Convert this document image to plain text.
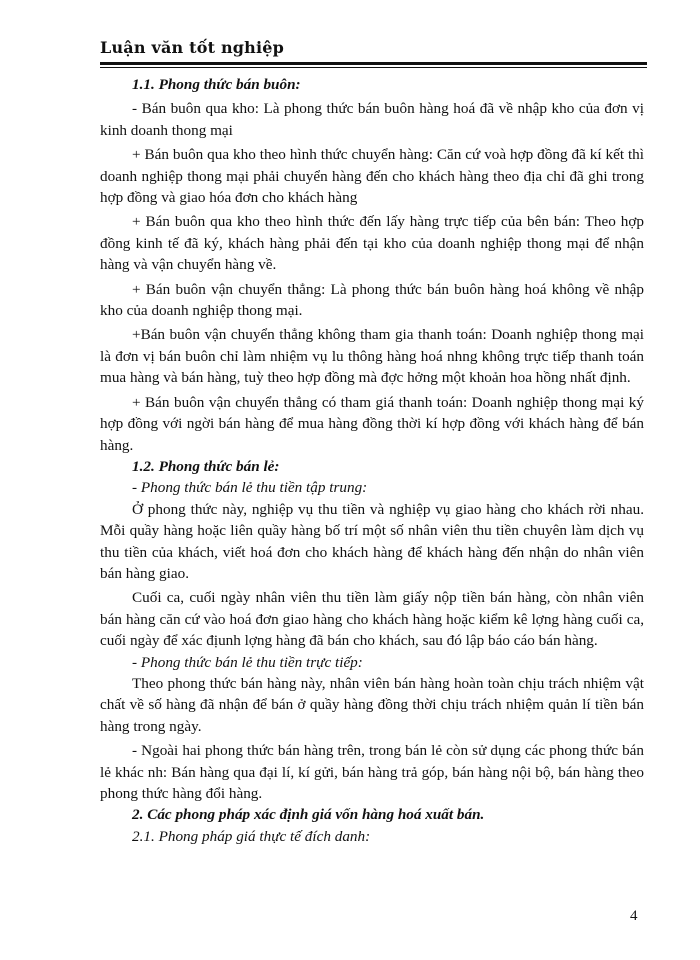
Luận văn tốt nghiệp

1.1. Phong thức bán buôn:

- Bán buôn qua kho: Là phong thức bán buôn hàng hoá đã về nhập kho của đơn vị kinh doanh thong mại

+ Bán buôn qua kho theo hình thức chuyển hàng: Căn cứ voà hợp đồng đã kí kết thì doanh nghiệp thong mại phải chuyển hàng đến cho khách hàng theo địa chỉ đã ghi trong hợp đồng và giao hóa đơn cho khách hàng

+ Bán buôn qua kho theo hình thức đến lấy hàng trực tiếp của bên bán: Theo hợp đồng kinh tế đã ký, khách hàng phải đến tại kho của doanh nghiệp thong mại để nhận hàng và vận chuyển hàng về.

+ Bán buôn vận chuyển thẳng: Là phong thức bán buôn hàng hoá không về nhập kho của doanh nghiệp thong mại.

+Bán buôn vận chuyển thẳng không tham gia thanh toán: Doanh nghiệp thong mại là đơn vị bán buôn chỉ làm nhiệm vụ lu thông hàng hoá nhng không trực tiếp thanh toán mua hàng và bán hàng, tuỳ theo hợp đồng mà đợc hởng một khoản hoa hồng nhất định.

+ Bán buôn vận chuyển thẳng có tham giá thanh toán: Doanh nghiệp thong mại ký hợp đồng với ngời bán hàng để mua hàng đồng thời kí hợp đồng với khách hàng để bán hàng.

1.2. Phong thức bán lẻ:

- Phong thức bán lẻ thu tiền tập trung:

Ở phong thức này, nghiệp vụ thu tiền và nghiệp vụ giao hàng cho khách rời nhau. Mỗi quầy hàng hoặc liên quầy hàng bố trí một số nhân viên thu tiền chuyên làm dịch vụ thu tiền của khách, viết hoá đơn cho khách hàng để khách hàng đến nhận do nhân viên bán hàng giao.

Cuối ca, cuối ngày nhân viên thu tiền làm giấy nộp tiền bán hàng, còn nhân viên bán hàng căn cứ vào hoá đơn giao hàng cho khách hàng hoặc kiểm kê lợng hàng cuối ca, cuối ngày để xác địunh lợng hàng đã bán cho khách, sau đó lập báo cáo bán hàng.

- Phong thức bán lẻ thu tiền trực tiếp:

Theo phong thức bán hàng này, nhân viên bán hàng hoàn toàn chịu trách nhiệm vật chất về số hàng đã nhận để bán ở quầy hàng đồng thời chịu trách nhiệm quản lí tiền bán hàng trong ngày.

- Ngoài hai phong thức bán hàng trên, trong bán lẻ còn sử dụng các phong thức bán lẻ khác nh: Bán hàng qua đại lí, kí gửi, bán hàng trả góp, bán hàng nội bộ, bán hàng theo phong thức hàng đổi hàng.

2. Các phong pháp xác định giá vốn hàng hoá xuất bán.

2.1. Phong pháp giá thực tế đích danh:

4
